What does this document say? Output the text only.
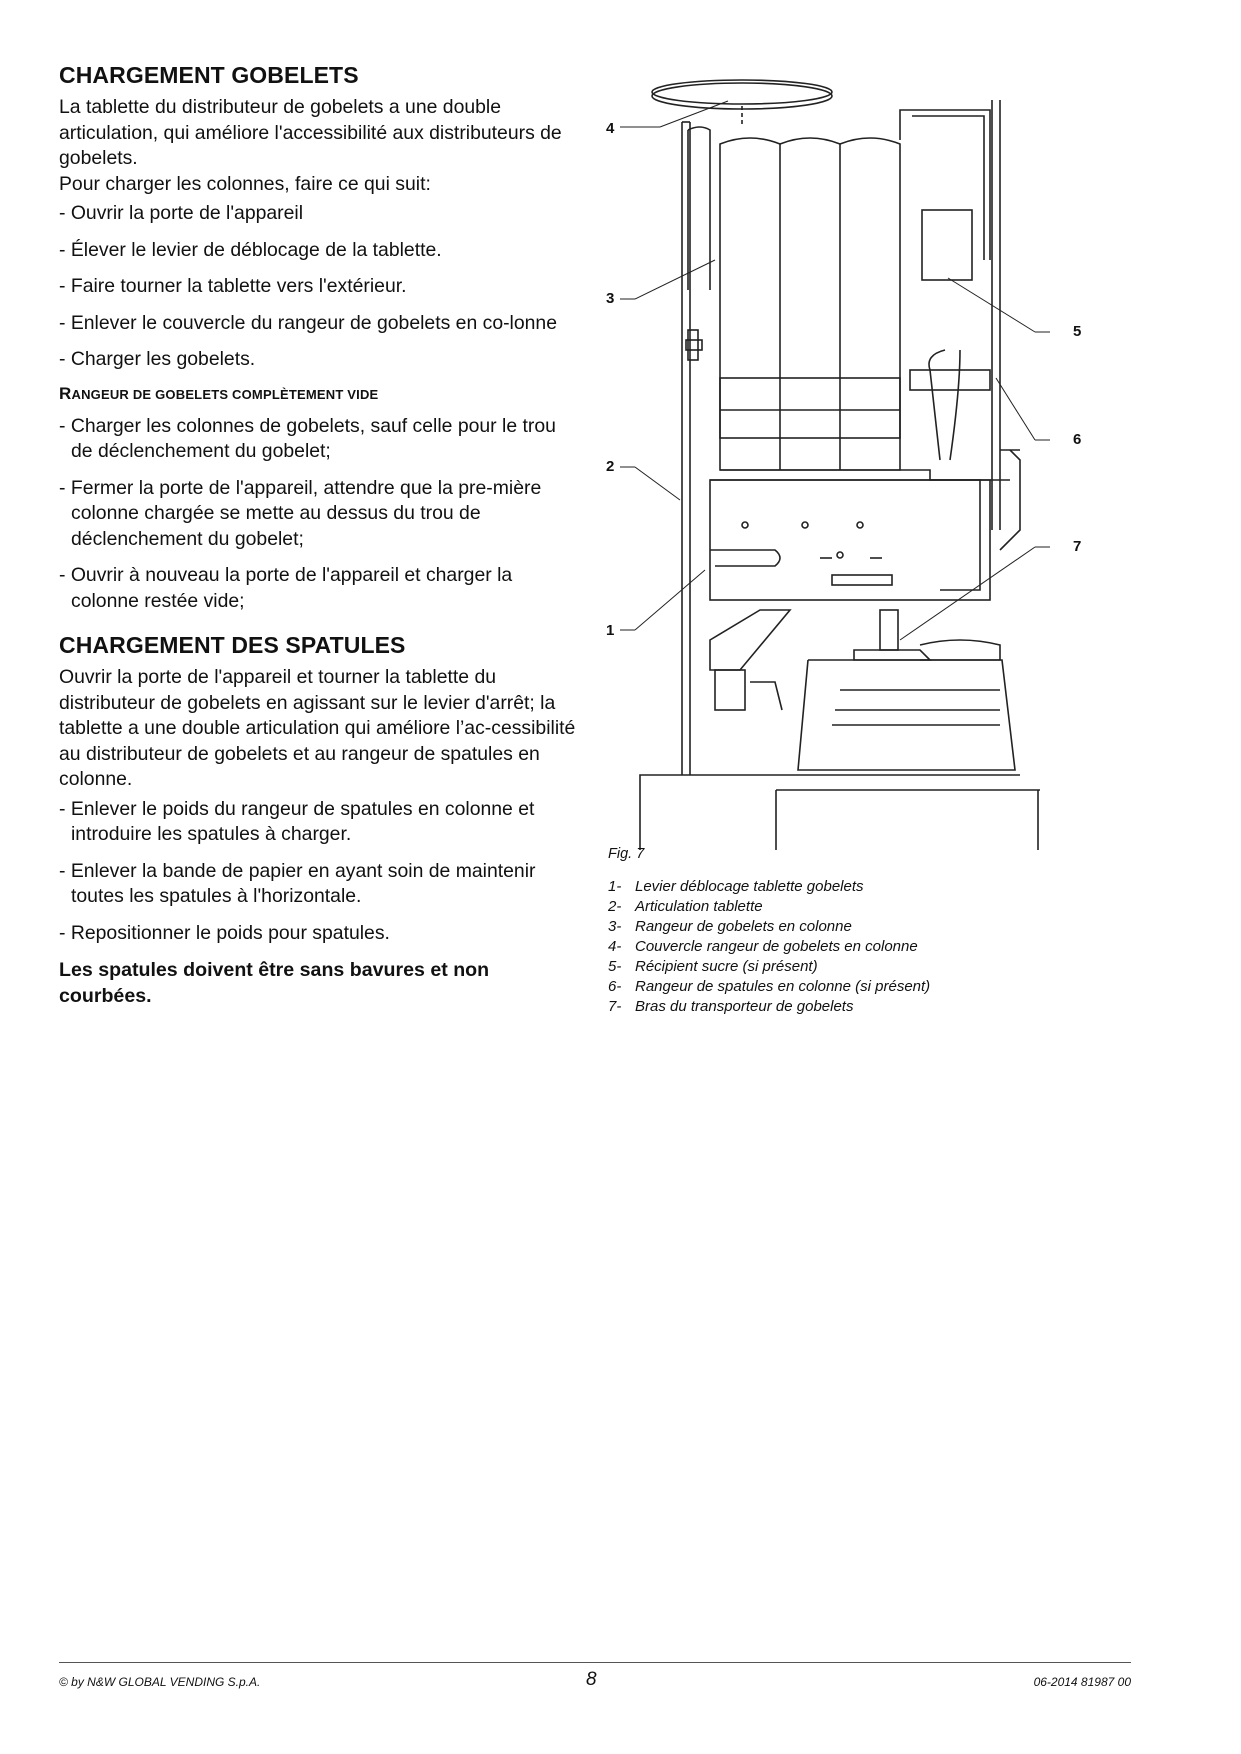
CHARGEMENT GOBELETS

La tablette du distributeur de gobelets a une double articulation, qui améliore l'accessibilité aux distributeurs de gobelets.

Pour charger les colonnes, faire ce qui suit:

- Ouvrir la porte de l'appareil
- Élever le levier de déblocage de la tablette.
- Faire tourner la tablette vers l'extérieur.
- Enlever le couvercle du rangeur de gobelets en co-lonne
- Charger les gobelets.
RANGEUR DE GOBELETS COMPLÈTEMENT VIDE
- Charger les colonnes de gobelets, sauf celle pour le trou de déclenchement du gobelet;
- Fermer la porte de l'appareil, attendre que la pre-mière colonne chargée se mette au dessus du trou de déclenchement du gobelet;
- Ouvrir à nouveau la porte de l'appareil et charger la colonne restée vide;
CHARGEMENT DES SPATULES

Ouvrir la porte de l'appareil et tourner la tablette du distributeur de gobelets en agissant sur le levier d'arrêt; la tablette a une double articulation qui améliore l’ac-cessibilité au distributeur de gobelets et au rangeur de spatules en colonne.

- Enlever le poids du rangeur de spatules en colonne et introduire les spatules à charger.
- Enlever la bande de papier en ayant soin de maintenir toutes les spatules à l'horizontale.
- Repositionner le poids pour spatules.
Les spatules doivent être sans bavures et non courbées.
4
3
2
1
5
6
7
Fig. 7
1- Levier déblocage tablette gobelets
2- Articulation tablette
3- Rangeur de gobelets en colonne
4- Couvercle rangeur de gobelets en colonne
5- Récipient sucre (si présent)
6- Rangeur de spatules en colonne (si présent)
7- Bras du transporteur de gobelets
© by N&W GLOBAL VENDING S.p.A.	8	06-2014 81987 00
